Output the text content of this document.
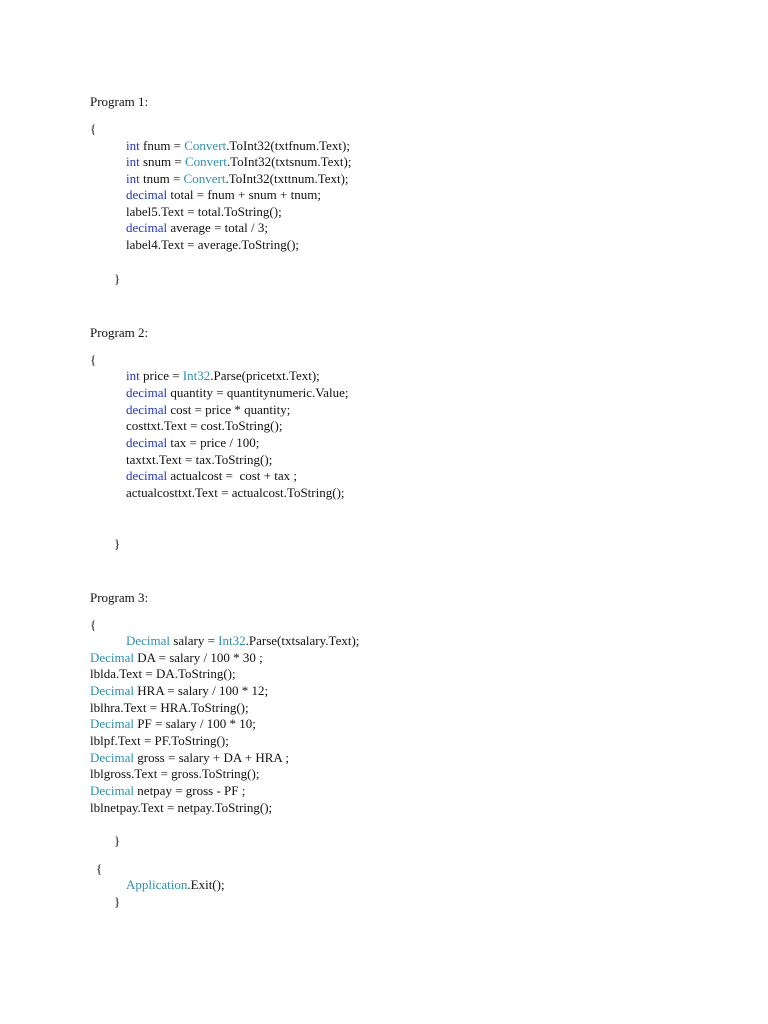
Program 1:
{
int fnum = Convert.ToInt32(txtfnum.Text);
int snum = Convert.ToInt32(txtsnum.Text);
int tnum = Convert.ToInt32(txttnum.Text);
decimal total = fnum + snum + tnum;
label5.Text = total.ToString();
decimal average = total / 3;
label4.Text = average.ToString();
}
Program 2:
{
int price = Int32.Parse(pricetxt.Text);
decimal quantity = quantitynumeric.Value;
decimal cost = price * quantity;
costtxt.Text = cost.ToString();
decimal tax = price / 100;
taxtxt.Text = tax.ToString();
decimal actualcost =  cost + tax ;
actualcosttxt.Text = actualcost.ToString();
}
Program 3:
{
Decimal salary = Int32.Parse(txtsalary.Text);
Decimal DA = salary / 100 * 30 ;
lblda.Text = DA.ToString();
Decimal HRA = salary / 100 * 12;
lblhra.Text = HRA.ToString();
Decimal PF = salary / 100 * 10;
lblpf.Text = PF.ToString();
Decimal gross = salary + DA + HRA ;
lblgross.Text = gross.ToString();
Decimal netpay = gross - PF ;
lblnetpay.Text = netpay.ToString();
}
{
Application.Exit();
}
